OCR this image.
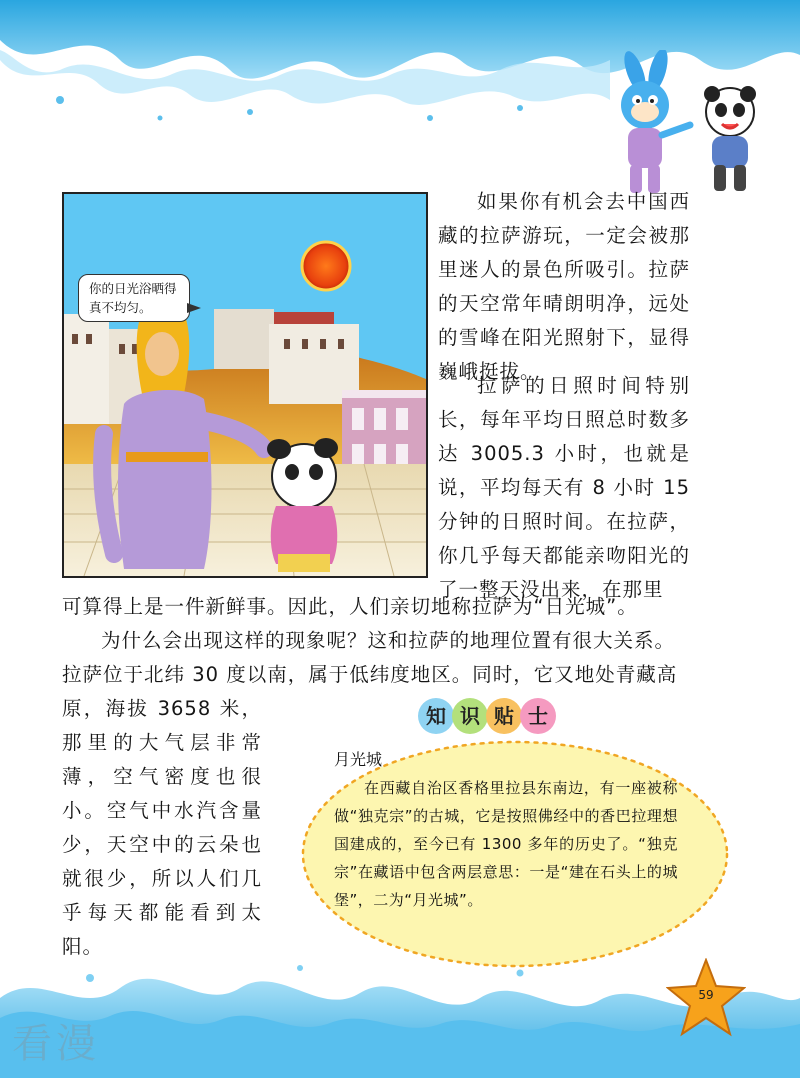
你的日光浴晒得真不均匀。

如果你有机会去中国西藏的拉萨游玩，一定会被那里迷人的景色所吸引。拉萨的天空常年晴朗明净，远处的雪峰在阳光照射下，显得巍峨挺拔。

拉萨的日照时间特别长，每年平均日照总时数多达 3005.3 小时，也就是说，平均每天有 8 小时 15 分钟的日照时间。在拉萨，你几乎每天都能亲吻阳光的

了一整天没出来，在那里

可算得上是一件新鲜事。因此，人们亲切地称拉萨为“日光城”。

为什么会出现这样的现象呢？这和拉萨的地理位置有很大关系。

拉萨位于北纬 30 度以南，属于低纬度地区。同时，它又地处青藏高

原，海拔 3658 米，那里的大气层非常薄，空气密度也很小。空气中水汽含量少，天空中的云朵也就很少，所以人们几乎每天都能看到太阳。

知 识 贴 士
月光城

在西藏自治区香格里拉县东南边，有一座被称做“独克宗”的古城，它是按照佛经中的香巴拉理想国建成的，至今已有 1300 多年的历史了。“独克宗”在藏语中包含两层意思：一是“建在石头上的城堡”，二为“月光城”。

59
看漫
